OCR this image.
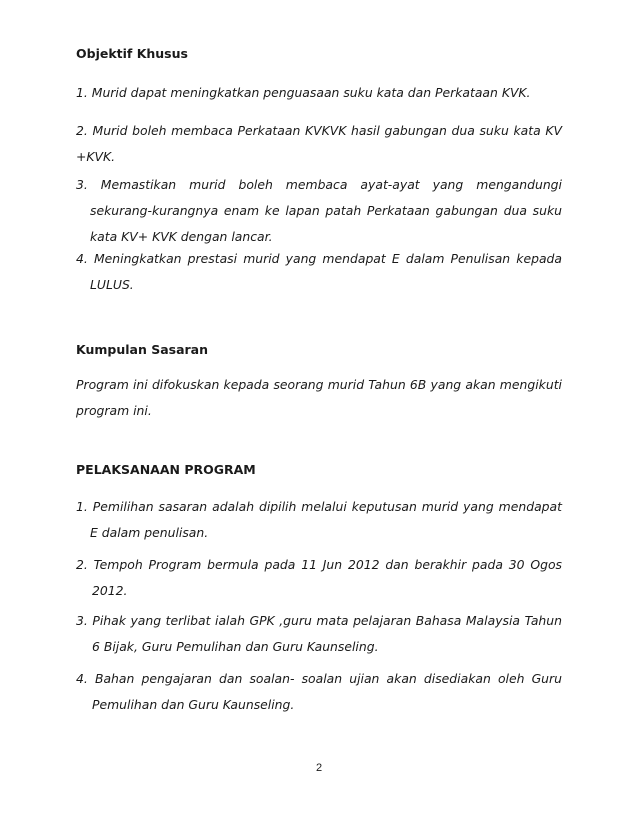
Objektif Khusus

1. Murid dapat meningkatkan penguasaan suku kata dan Perkataan KVK.

2. Murid boleh membaca Perkataan KVKVK hasil gabungan dua suku kata KV +KVK.

3. Memastikan murid boleh membaca ayat-ayat yang mengandungi sekurang-kurangnya enam ke lapan patah Perkataan gabungan dua suku kata KV+ KVK dengan lancar.

4. Meningkatkan prestasi murid yang mendapat E dalam Penulisan kepada LULUS.

Kumpulan Sasaran

Program ini difokuskan kepada seorang murid Tahun 6B yang akan mengikuti program ini.

PELAKSANAAN PROGRAM

1. Pemilihan sasaran adalah dipilih melalui keputusan murid yang mendapat E dalam penulisan.

2. Tempoh Program bermula pada 11 Jun 2012 dan berakhir pada 30 Ogos 2012.

3. Pihak yang terlibat ialah GPK ,guru mata pelajaran Bahasa Malaysia Tahun 6 Bijak, Guru Pemulihan dan Guru Kaunseling.

4. Bahan pengajaran dan soalan- soalan ujian akan disediakan oleh Guru Pemulihan dan Guru Kaunseling.

2
